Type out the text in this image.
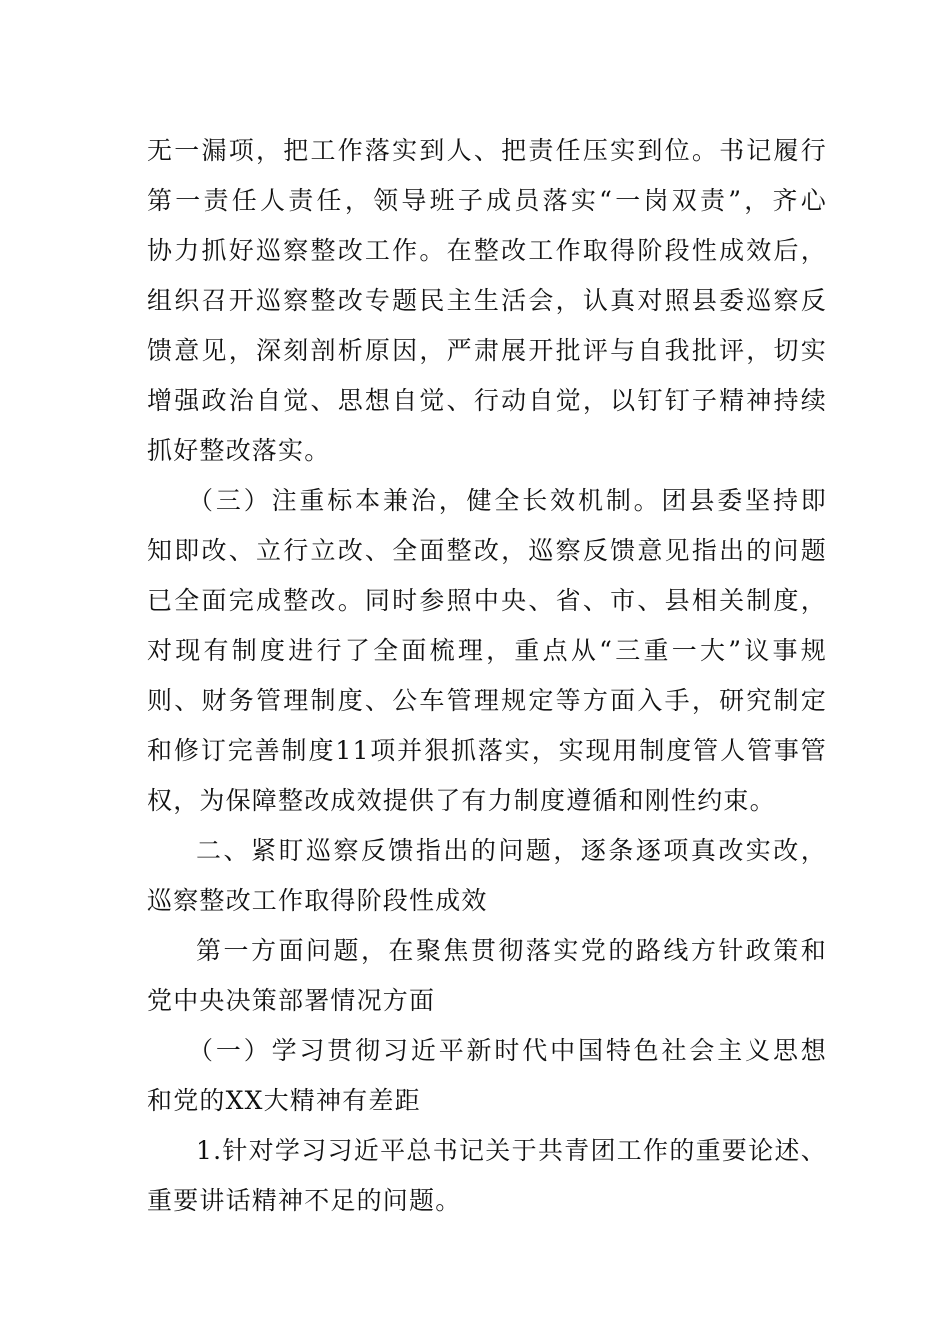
无一漏项，把工作落实到人、把责任压实到位。书记履行
第一责任人责任，领导班子成员落实“一岗双责”，齐心
协力抓好巡察整改工作。在整改工作取得阶段性成效后，
组织召开巡察整改专题民主生活会，认真对照县委巡察反
馈意见，深刻剖析原因，严肃展开批评与自我批评，切实
增强政治自觉、思想自觉、行动自觉，以钉钉子精神持续
抓好整改落实。
（三）注重标本兼治，健全长效机制。团县委坚持即
知即改、立行立改、全面整改，巡察反馈意见指出的问题
已全面完成整改。同时参照中央、省、市、县相关制度，
对现有制度进行了全面梳理，重点从“三重一大”议事规
则、财务管理制度、公车管理规定等方面入手，研究制定
和修订完善制度11项并狠抓落实，实现用制度管人管事管
权，为保障整改成效提供了有力制度遵循和刚性约束。
二、紧盯巡察反馈指出的问题，逐条逐项真改实改，
巡察整改工作取得阶段性成效
第一方面问题，在聚焦贯彻落实党的路线方针政策和
党中央决策部署情况方面
（一）学习贯彻习近平新时代中国特色社会主义思想
和党的XX大精神有差距
1.针对学习习近平总书记关于共青团工作的重要论述、
重要讲话精神不足的问题。
